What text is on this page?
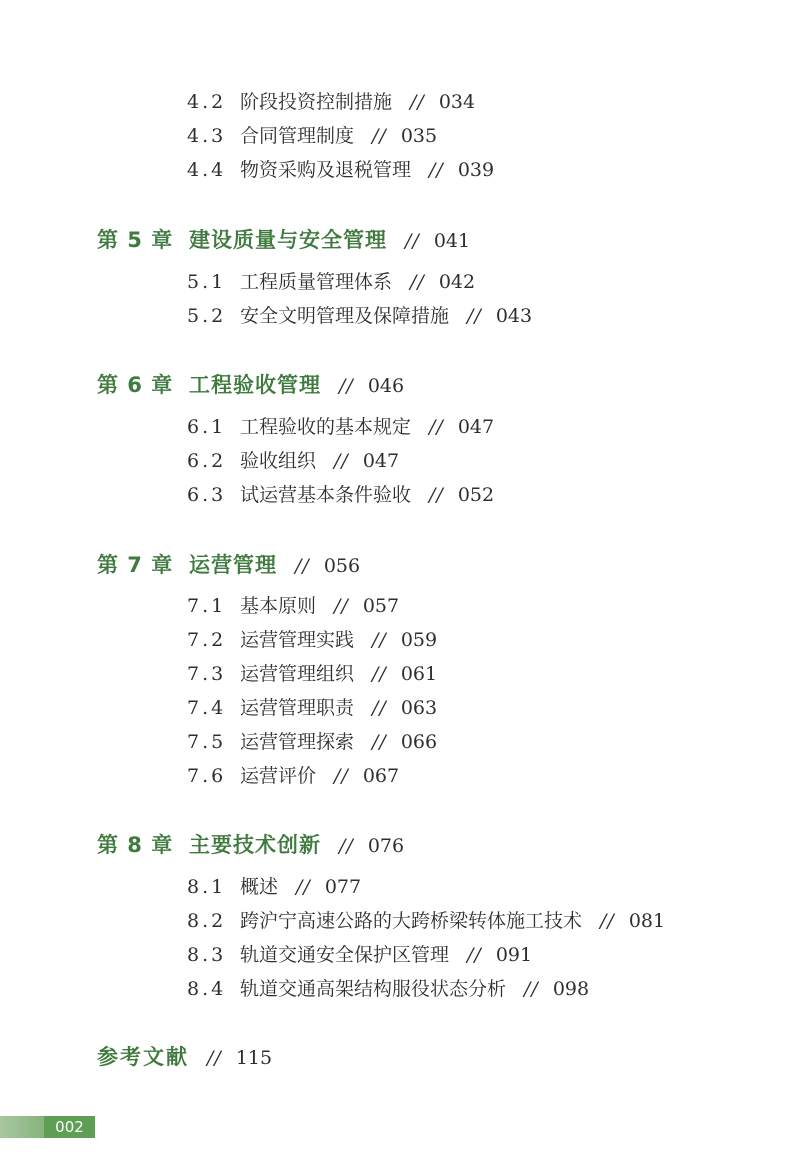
4.2 阶段投资控制措施 // 034
4.3 合同管理制度 // 035
4.4 物资采购及退税管理 // 039
第 5 章 建设质量与安全管理 // 041
5.1 工程质量管理体系 // 042
5.2 安全文明管理及保障措施 // 043
第 6 章 工程验收管理 // 046
6.1 工程验收的基本规定 // 047
6.2 验收组织 // 047
6.3 试运营基本条件验收 // 052
第 7 章 运营管理 // 056
7.1 基本原则 // 057
7.2 运营管理实践 // 059
7.3 运营管理组织 // 061
7.4 运营管理职责 // 063
7.5 运营管理探索 // 066
7.6 运营评价 // 067
第 8 章 主要技术创新 // 076
8.1 概述 // 077
8.2 跨沪宁高速公路的大跨桥梁转体施工技术 // 081
8.3 轨道交通安全保护区管理 // 091
8.4 轨道交通高架结构服役状态分析 // 098
参考文献 // 115
002
